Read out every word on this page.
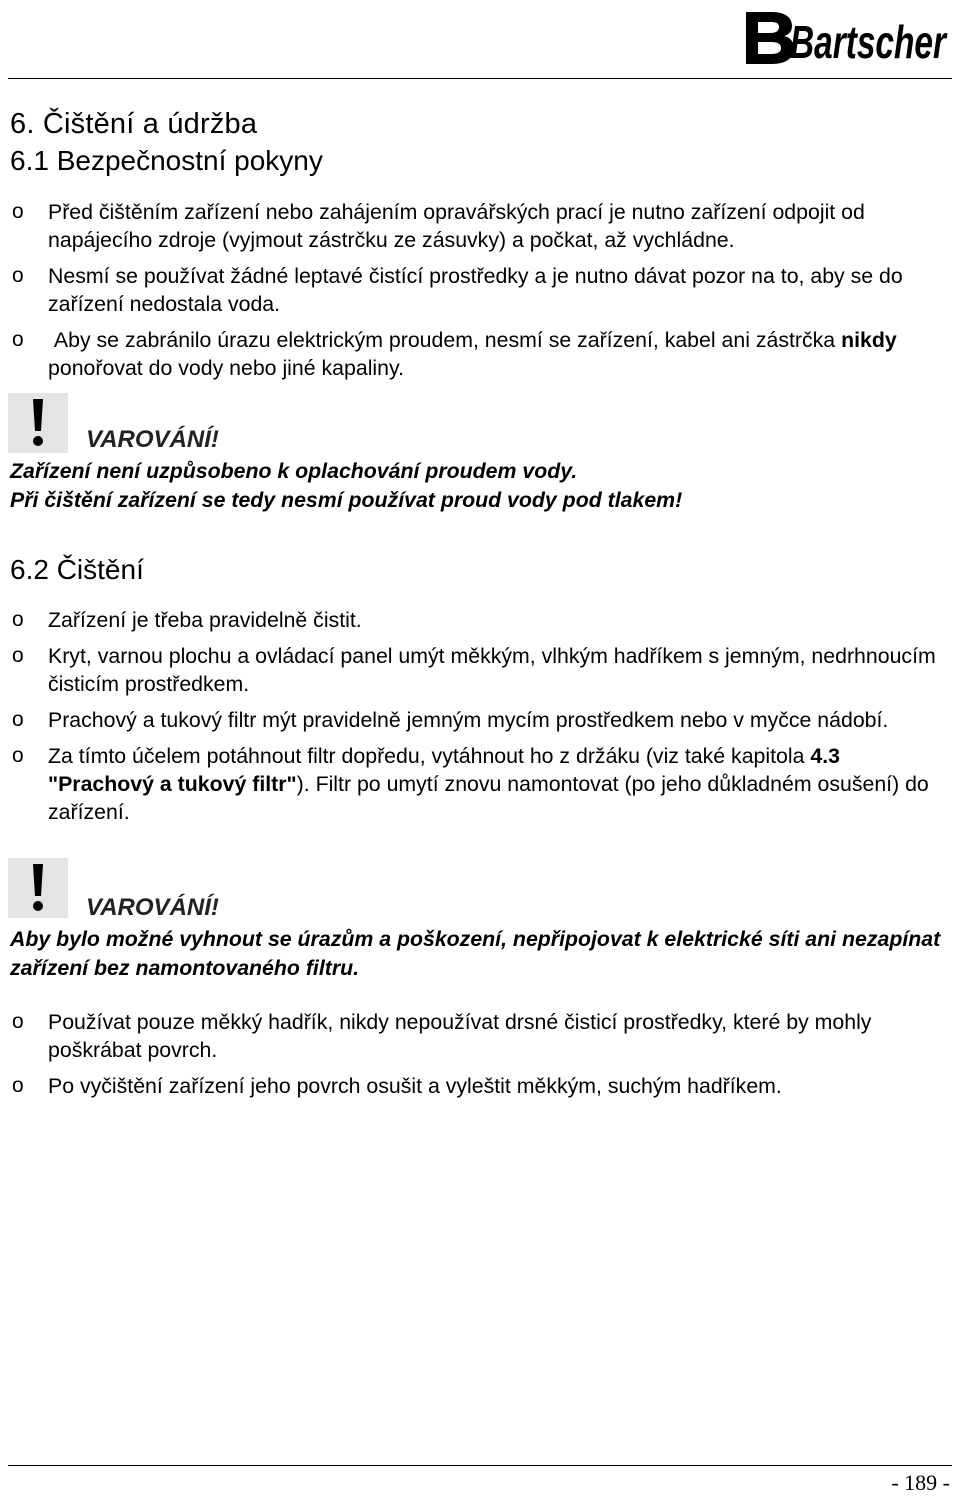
Bartscher
6. Čištění a údržba
6.1 Bezpečnostní pokyny
o Před čištěním zařízení nebo zahájením opravářských prací je nutno zařízení odpojit od napájecího zdroje (vyjmout zástrčku ze zásuvky) a počkat, až vychládne.
o Nesmí se používat žádné leptavé čistící prostředky a je nutno dávat pozor na to, aby se do zařízení nedostala voda.
o Aby se zabránilo úrazu elektrickým proudem, nesmí se zařízení, kabel ani zástrčka nikdy ponořovat do vody nebo jiné kapaliny.
VAROVÁNÍ!
Zařízení není uzpůsobeno k oplachování proudem vody.
Při čištění zařízení se tedy nesmí používat proud vody pod tlakem!
6.2 Čištění
o Zařízení je třeba pravidelně čistit.
o Kryt, varnou plochu a ovládací panel umýt měkkým, vlhkým hadříkem s jemným, nedrhnoucím čisticím prostředkem.
o Prachový a tukový filtr mýt pravidelně jemným mycím prostředkem nebo v myčce nádobí.
o Za tímto účelem potáhnout filtr dopředu, vytáhnout ho z držáku (viz také kapitola 4.3 "Prachový a tukový filtr"). Filtr po umytí znovu namontovat (po jeho důkladném osušení) do zařízení.
VAROVÁNÍ!
Aby bylo možné vyhnout se úrazům a poškození, nepřipojovat k elektrické síti ani nezapínat zařízení bez namontovaného filtru.
o Používat pouze měkký hadřík, nikdy nepoužívat drsné čisticí prostředky, které by mohly poškrábat povrch.
o Po vyčištění zařízení jeho povrch osušit a vyleštit měkkým, suchým hadříkem.
- 189 -
